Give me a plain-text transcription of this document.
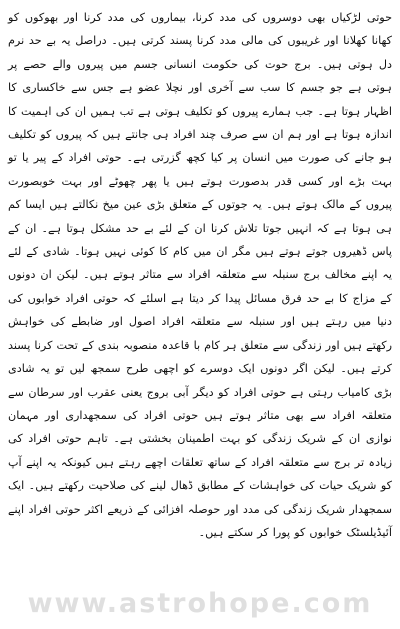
حوتی لڑکیاں بھی دوسروں کی مدد کرنا، بیماروں کی مدد کرنا اور بھوکوں کو کھانا کھلانا اور غریبوں کی مالی مدد کرنا پسند کرتی ہیں۔ دراصل یہ بے حد نرم دل ہوتی ہیں۔ برج حوت کی حکومت انسانی جسم میں پیروں والے حصے پر ہوتی ہے جو جسم کا سب سے آخری اور نچلا عضو ہے جس سے خاکساری کا اظہار ہوتا ہے۔ جب ہمارے پیروں کو تکلیف ہوتی ہے تب ہمیں ان کی اہمیت کا اندازہ ہوتا ہے اور ہم ان سے صرف چند افراد ہی جانتے ہیں کہ پیروں کو تکلیف ہو جانے کی صورت میں انسان پر کیا کچھ گزرتی ہے۔ حوتی افراد کے پیر یا تو بہت بڑے اور کسی قدر بدصورت ہوتے ہیں یا پھر چھوٹے اور بہت خوبصورت پیروں کے مالک ہوتے ہیں۔ یہ جوتوں کے متعلق بڑی عین میخ نکالتے ہیں ایسا کم ہی ہوتا ہے کہ انہیں جوتا تلاش کرنا ان کے لئے بے حد مشکل ہوتا ہے۔ ان کے پاس ڈھیروں جوتے ہوتے ہیں مگر ان میں کام کا کوئی نہیں ہوتا۔ شادی کے لئے یہ اپنے مخالف برج سنبلہ سے متعلقہ افراد سے متاثر ہوتے ہیں۔ لیکن ان دونوں کے مزاج کا بے حد فرق مسائل پیدا کر دیتا ہے اسلئے کہ حوتی افراد خوابوں کی دنیا میں رہتے ہیں اور سنبلہ سے متعلقہ افراد اصول اور ضابطے کی خواہش رکھتے ہیں اور زندگی سے متعلق ہر کام با قاعدہ منصوبہ بندی کے تحت کرنا پسند کرتے ہیں۔ لیکن اگر دونوں ایک دوسرے کو اچھی طرح سمجھ لیں تو یہ شادی بڑی کامیاب رہتی ہے حوتی افراد کو دیگر آبی بروج یعنی عقرب اور سرطان سے متعلقہ افراد سے بھی متاثر ہوتے ہیں حوتی افراد کی سمجھداری اور مہمان نوازی ان کے شریک زندگی کو بہت اطمینان بخشتی ہے۔ تاہم حوتی افراد کی زیادہ تر برج سے متعلقہ افراد کے ساتھ تعلقات اچھے رہتے ہیں کیونکہ یہ اپنے آپ کو شریک حیات کی خواہشات کے مطابق ڈھال لینے کی صلاحیت رکھتے ہیں۔ ایک سمجھدار شریک زندگی کی مدد اور حوصلہ افزائی کے ذریعے اکثر حوتی افراد اپنے آئیڈیلسٹک خوابوں کو پورا کر سکتے ہیں۔

www.astrohope.com
